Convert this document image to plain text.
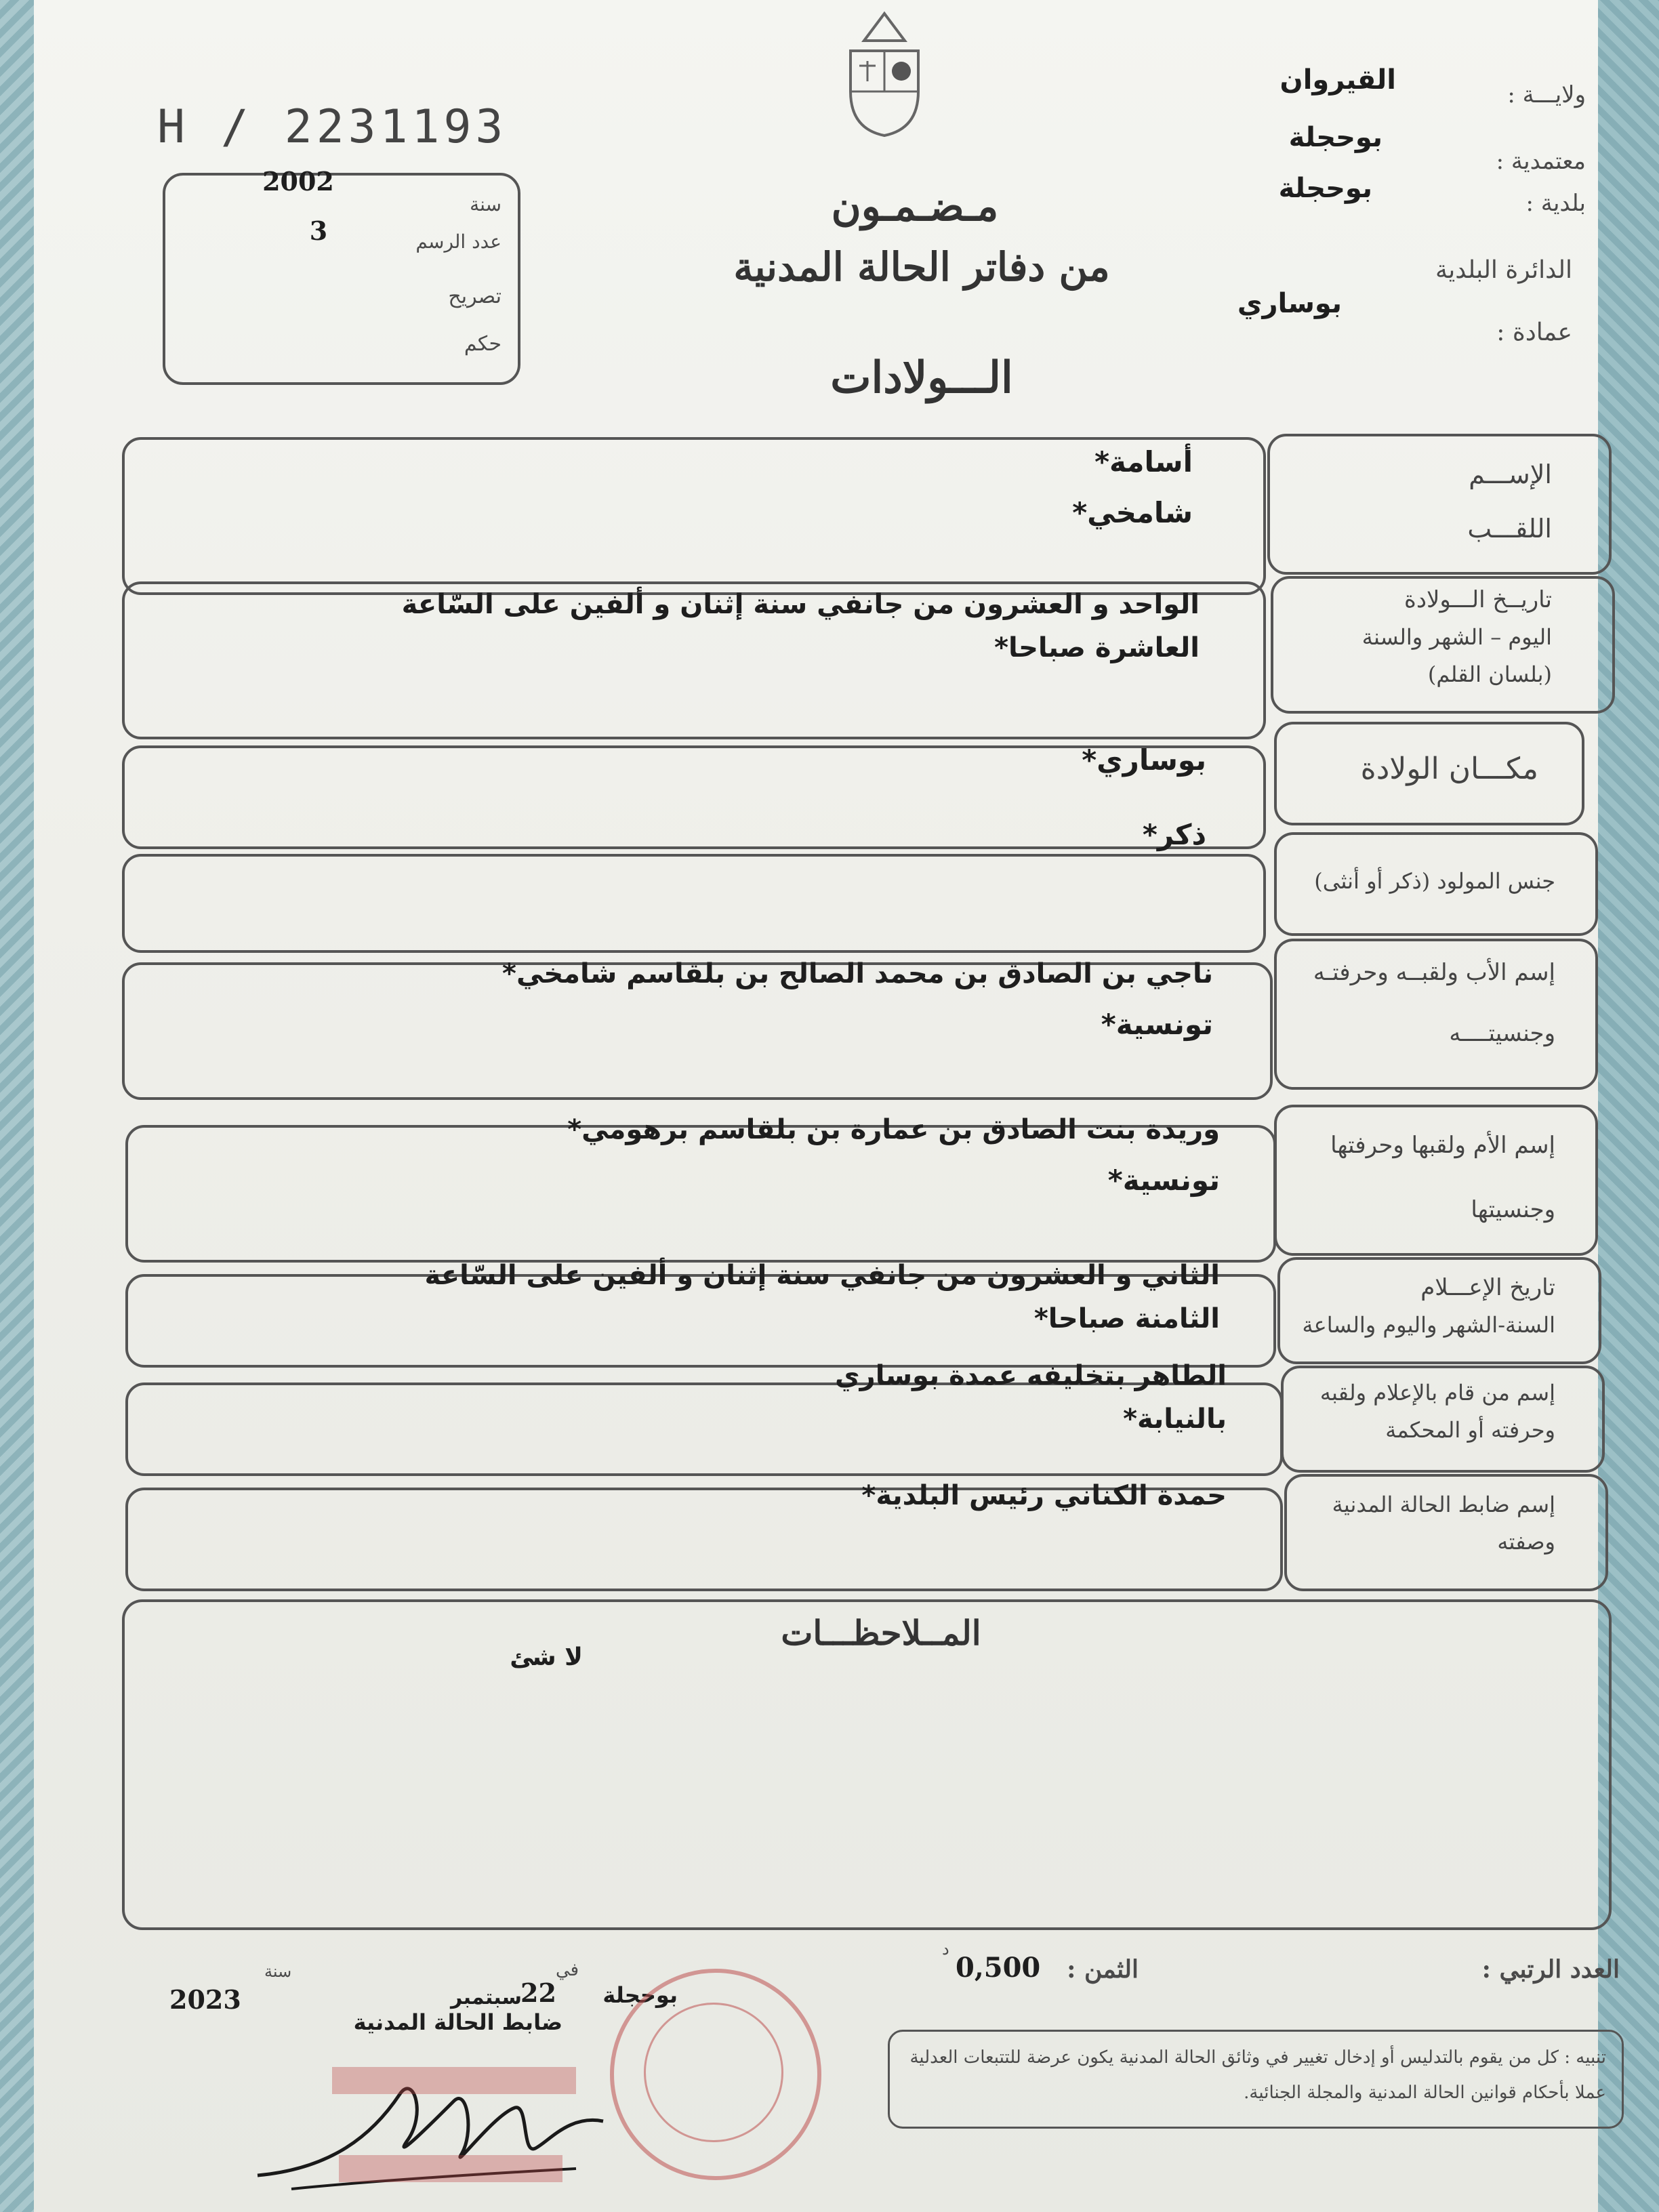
H / 2231193
2002
سنة
3	عدد الرسم
تصريح
حكم
ولايـــة :
القيروان
معتمدية :
بوحجلة
بلدية :
بوحجلة
الدائرة البلدية
عمادة :
بوساري
مـضـمـون
من دفاتر الحالة المدنية
الـــولادات
الإســـم
اللقـــب
أسامة*
شامخي*
تاريــخ الـــولادة
اليوم – الشهر والسنة
(بلسان القلم)
الواحد و العشرون من جانفي سنة إثنان و ألفين على السّاعة العاشرة صباحا*
مكـــان الولادة
بوساري*
جنس المولود (ذكر أو أنثى)
ذكر*
إسم الأب ولقبــه وحرفتـه
وجنسيتــــه
ناجي بن الصادق بن محمد الصالح بن بلقاسم شامخي*
تونسية*
إسم الأم ولقبها وحرفتها
وجنسيتها
وريدة بنت الصادق بن عمارة بن بلقاسم برهومي*
تونسية*
تاريخ الإعـــلام
السنة-الشهر واليوم والساعة
الثاني و العشرون من جانفي سنة إثنان و ألفين على السّاعة الثامنة صباحا*
إسم من قام بالإعلام ولقبه
وحرفته أو المحكمة
الطاهر بتخليفه عمدة بوساري بالنيابة*
إسم ضابط الحالة المدنية
وصفته
حمدة الكناني رئيس البلدية*
المــلاحظـــات
لا شئ
العدد الرتبي :
الثمن :
0,500
د
بوحجلة
في
22
سبتمبر
سنة
2023
ضابط الحالة المدنية
تنبيه : كل من يقوم بالتدليس أو إدخال تغيير في وثائق الحالة المدنية يكون عرضة للتتبعات العدلية عملا بأحكام قوانين الحالة المدنية والمجلة الجنائية.
